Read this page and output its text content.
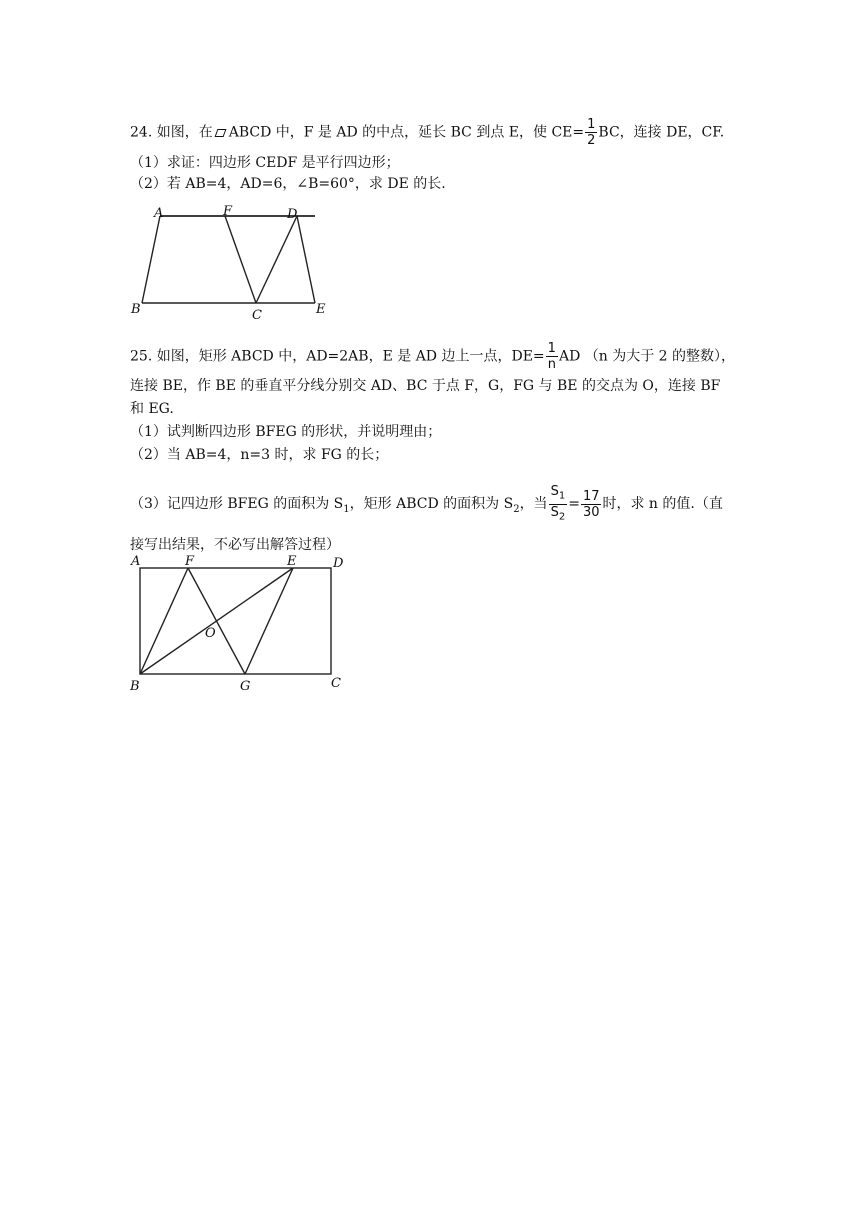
24. 如图，在 ABCD 中，F 是 AD 的中点，延长 BC 到点 E，使 $CE= \frac{1}{2}$ BC，连接 DE，CF.
（1）求证：四边形 CEDF 是平行四边形；
（2）若 AB=4，AD=6，∠B=60°，求 DE 的长.
A	F	D
B	C	E
25. 如图，矩形 ABCD 中，AD=2AB，E 是 AD 边上一点，$DE= \frac{1}{n}$ AD （n 为大于 2 的整数），
连接 BE，作 BE 的垂直平分线分别交 AD、BC 于点 F，G，FG 与 BE 的交点为 O，连接 BF
和 EG.
（1）试判断四边形 BFEG 的形状，并说明理由；
（2）当 AB=4，n=3 时，求 FG 的长；
（3）记四边形 BFEG 的面积为 $S_1$，矩形 ABCD 的面积为 $S_2$，当 $\frac{S_1}{S_2} = \frac{17}{30}$ 时，求 n 的值.（直
接写出结果，不必写出解答过程）
A	F	E	D
O
B	G	C
